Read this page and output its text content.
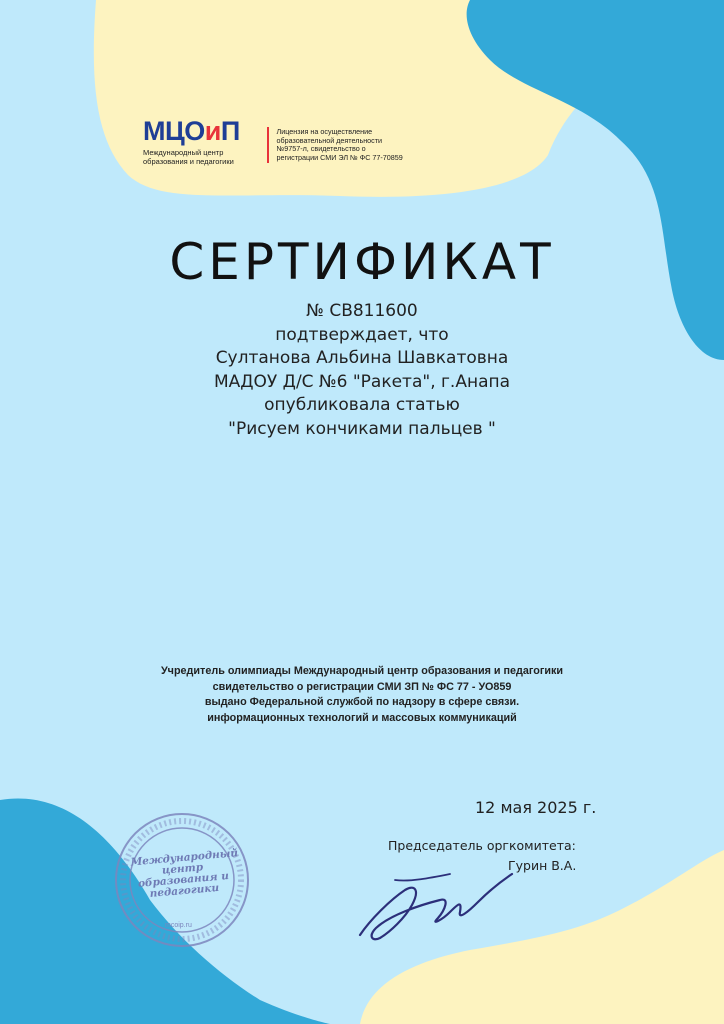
МЦОиП
Международный центр образования и педагогики
Лицензия на осуществление образовательной деятельности №9757-л, свидетельство о регистрации СМИ ЭЛ № ФС 77-70859
СЕРТИФИКАТ
№ СВ811600
подтверждает, что
Султанова Альбина Шавкатовна
МАДОУ Д/С №6 "Ракета", г.Анапа
опубликовала статью
"Рисуем кончиками пальцев "
Учредитель олимпиады Международный центр образования и педагогики
свидетельство о регистрации СМИ ЗП № ФС 77 - УО859
выдано Федеральной службой по надзору в сфере связи.
информационных технологий и массовых коммуникаций
12 мая 2025 г.
Председатель оргкомитета:
Гурин В.А.
Международный центр образования и педагогики
mcoip.ru
